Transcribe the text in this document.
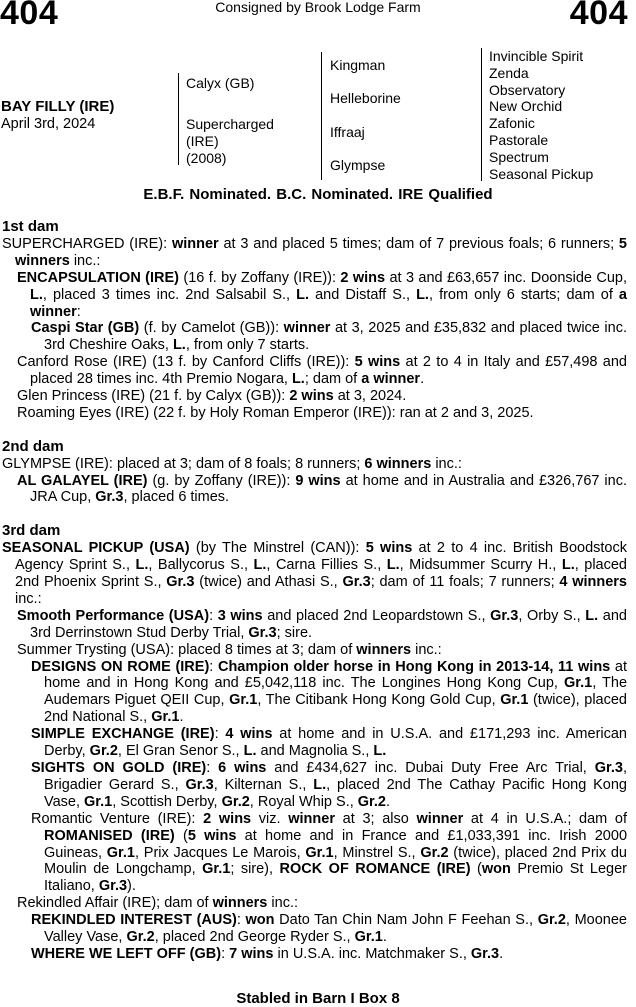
404	Consigned by Brook Lodge Farm	404
BAY FILLY (IRE)
April 3rd, 2024
Calyx (GB)
Supercharged
(IRE)
(2008)
Kingman
Helleborine
Iffraaj
Glympse
Invincible Spirit
Zenda
Observatory
New Orchid
Zafonic
Pastorale
Spectrum
Seasonal Pickup
E.B.F. Nominated. B.C. Nominated. IRE Qualified

1st dam

SUPERCHARGED (IRE): winner at 3 and placed 5 times; dam of 7 previous foals; 6 runners; 5 winners inc.:

ENCAPSULATION (IRE) (16 f. by Zoffany (IRE)): 2 wins at 3 and £63,657 inc. Doonside Cup, L., placed 3 times inc. 2nd Salsabil S., L. and Distaff S., L., from only 6 starts; dam of a winner:

Caspi Star (GB) (f. by Camelot (GB)): winner at 3, 2025 and £35,832 and placed twice inc. 3rd Cheshire Oaks, L., from only 7 starts.

Canford Rose (IRE) (13 f. by Canford Cliffs (IRE)): 5 wins at 2 to 4 in Italy and £57,498 and placed 28 times inc. 4th Premio Nogara, L.; dam of a winner.

Glen Princess (IRE) (21 f. by Calyx (GB)): 2 wins at 3, 2024.

Roaming Eyes (IRE) (22 f. by Holy Roman Emperor (IRE)): ran at 2 and 3, 2025.

2nd dam

GLYMPSE (IRE): placed at 3; dam of 8 foals; 8 runners; 6 winners inc.:

AL GALAYEL (IRE) (g. by Zoffany (IRE)): 9 wins at home and in Australia and £326,767 inc. JRA Cup, Gr.3, placed 6 times.

3rd dam

SEASONAL PICKUP (USA) (by The Minstrel (CAN)): 5 wins at 2 to 4 inc. British Boodstock Agency Sprint S., L., Ballycorus S., L., Carna Fillies S., L., Midsummer Scurry H., L., placed 2nd Phoenix Sprint S., Gr.3 (twice) and Athasi S., Gr.3; dam of 11 foals; 7 runners; 4 winners inc.:

Smooth Performance (USA): 3 wins and placed 2nd Leopardstown S., Gr.3, Orby S., L. and 3rd Derrinstown Stud Derby Trial, Gr.3; sire.

Summer Trysting (USA): placed 8 times at 3; dam of winners inc.:

DESIGNS ON ROME (IRE): Champion older horse in Hong Kong in 2013-14, 11 wins at home and in Hong Kong and £5,042,118 inc. The Longines Hong Kong Cup, Gr.1, The Audemars Piguet QEII Cup, Gr.1, The Citibank Hong Kong Gold Cup, Gr.1 (twice), placed 2nd National S., Gr.1.

SIMPLE EXCHANGE (IRE): 4 wins at home and in U.S.A. and £171,293 inc. American Derby, Gr.2, El Gran Senor S., L. and Magnolia S., L.

SIGHTS ON GOLD (IRE): 6 wins and £434,627 inc. Dubai Duty Free Arc Trial, Gr.3, Brigadier Gerard S., Gr.3, Kilternan S., L., placed 2nd The Cathay Pacific Hong Kong Vase, Gr.1, Scottish Derby, Gr.2, Royal Whip S., Gr.2.

Romantic Venture (IRE): 2 wins viz. winner at 3; also winner at 4 in U.S.A.; dam of ROMANISED (IRE) (5 wins at home and in France and £1,033,391 inc. Irish 2000 Guineas, Gr.1, Prix Jacques Le Marois, Gr.1, Minstrel S., Gr.2 (twice), placed 2nd Prix du Moulin de Longchamp, Gr.1; sire), ROCK OF ROMANCE (IRE) (won Premio St Leger Italiano, Gr.3).

Rekindled Affair (IRE); dam of winners inc.:

REKINDLED INTEREST (AUS): won Dato Tan Chin Nam John F Feehan S., Gr.2, Moonee Valley Vase, Gr.2, placed 2nd George Ryder S., Gr.1.

WHERE WE LEFT OFF (GB): 7 wins in U.S.A. inc. Matchmaker S., Gr.3.

Stabled in Barn I Box 8
